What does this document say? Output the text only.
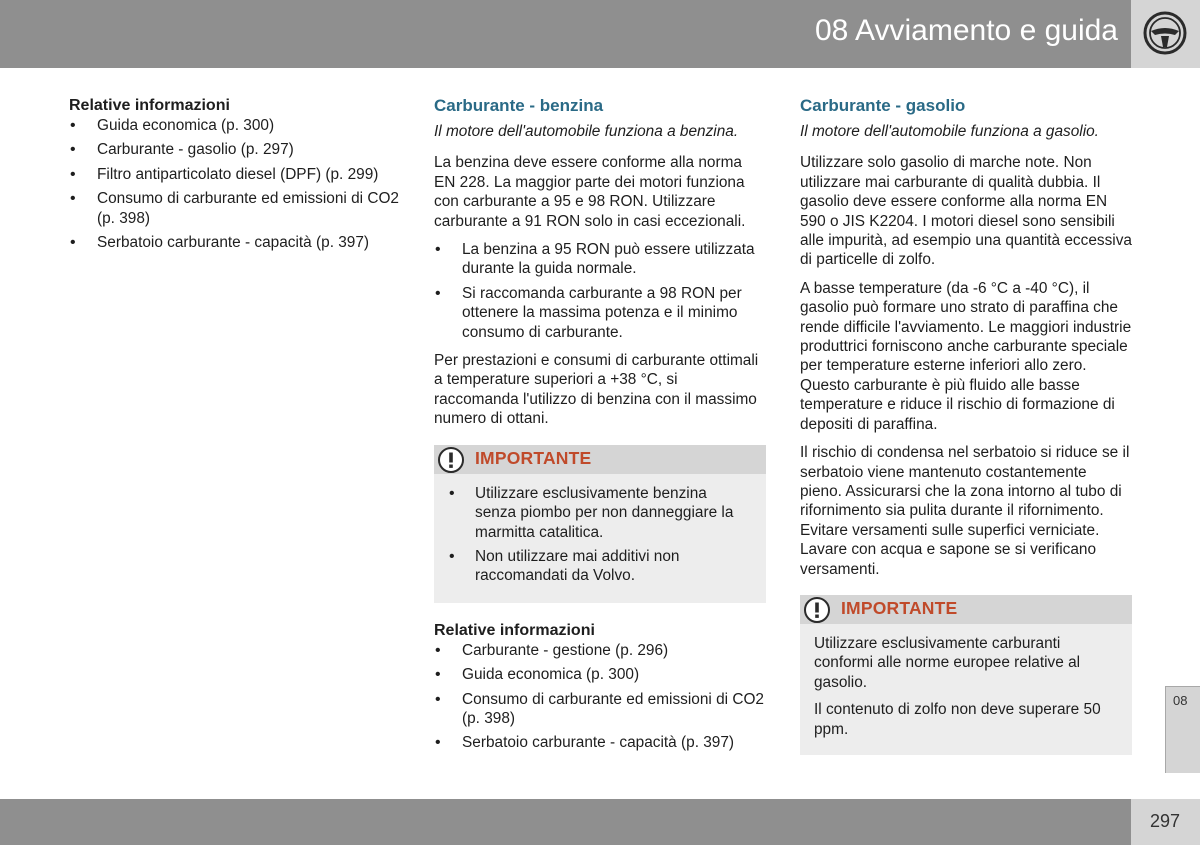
08 Avviamento e guida
Relative informazioni
• Guida economica (p. 300)
• Carburante - gasolio (p. 297)
• Filtro antiparticolato diesel (DPF) (p. 299)
• Consumo di carburante ed emissioni di CO2 (p. 398)
• Serbatoio carburante - capacità (p. 397)
Carburante - benzina

Il motore dell'automobile funziona a benzina.

La benzina deve essere conforme alla norma EN 228. La maggior parte dei motori funziona con carburante a 95 e 98 RON. Utilizzare carburante a 91 RON solo in casi eccezionali.

• La benzina a 95 RON può essere utilizzata durante la guida normale.
• Si raccomanda carburante a 98 RON per ottenere la massima potenza e il minimo consumo di carburante.

Per prestazioni e consumi di carburante ottimali a temperature superiori a +38 °C, si raccomanda l'utilizzo di benzina con il massimo numero di ottani.

IMPORTANTE
• Utilizzare esclusivamente benzina senza piombo per non danneggiare la marmitta catalitica.
• Non utilizzare mai additivi non raccomandati da Volvo.
Relative informazioni
• Carburante - gestione (p. 296)
• Guida economica (p. 300)
• Consumo di carburante ed emissioni di CO2 (p. 398)
• Serbatoio carburante - capacità (p. 397)
Carburante - gasolio

Il motore dell'automobile funziona a gasolio.

Utilizzare solo gasolio di marche note. Non utilizzare mai carburante di qualità dubbia. Il gasolio deve essere conforme alla norma EN 590 o JIS K2204. I motori diesel sono sensibili alle impurità, ad esempio una quantità eccessiva di particelle di zolfo.

A basse temperature (da -6 °C a -40 °C), il gasolio può formare uno strato di paraffina che rende difficile l'avviamento. Le maggiori industrie produttrici forniscono anche carburante speciale per temperature esterne inferiori allo zero. Questo carburante è più fluido alle basse temperature e riduce il rischio di formazione di depositi di paraffina.

Il rischio di condensa nel serbatoio si riduce se il serbatoio viene mantenuto costantemente pieno. Assicurarsi che la zona intorno al tubo di rifornimento sia pulita durante il rifornimento. Evitare versamenti sulle superfici verniciate. Lavare con acqua e sapone se si verificano versamenti.

IMPORTANTE

Utilizzare esclusivamente carburanti conformi alle norme europee relative al gasolio.

Il contenuto di zolfo non deve superare 50 ppm.

08
297
